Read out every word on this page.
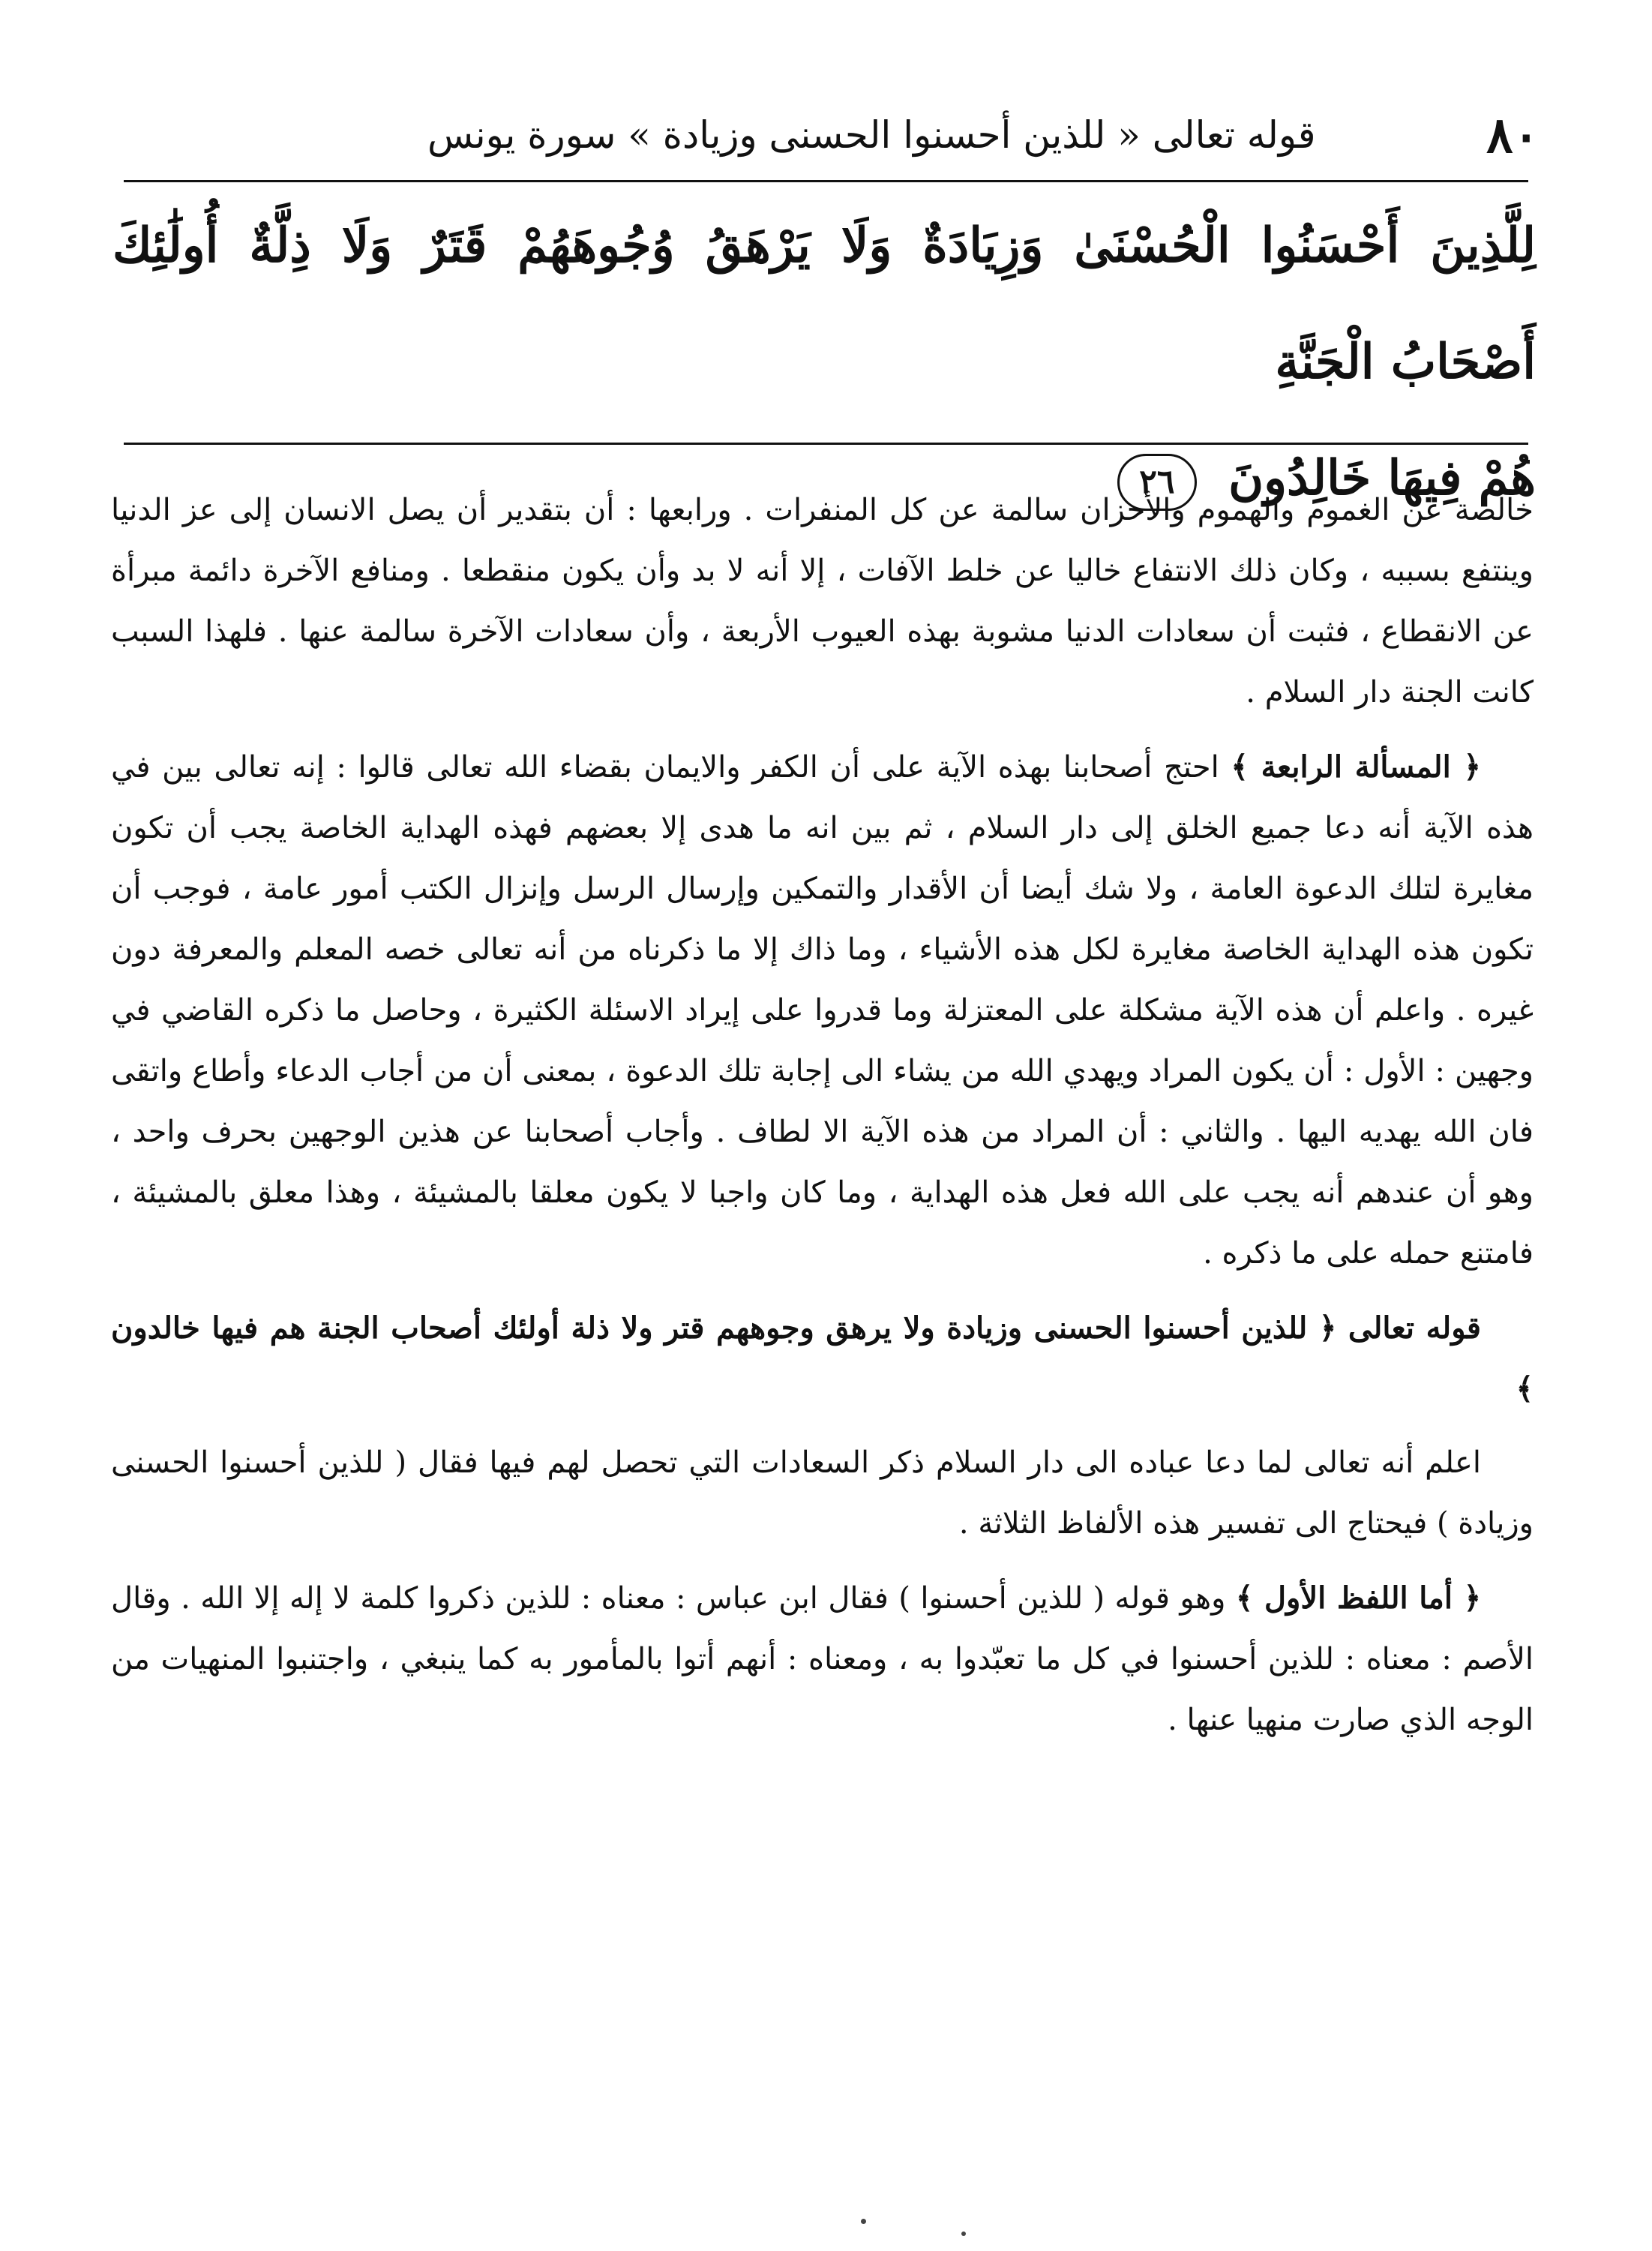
٨٠
قوله تعالى « للذين أحسنوا الحسنى وزيادة » سورة يونس
لِلَّذِينَ أَحْسَنُوا الْحُسْنَىٰ وَزِيَادَةٌ وَلَا يَرْهَقُ وُجُوهَهُمْ قَتَرٌ وَلَا ذِلَّةٌ أُولَٰئِكَ أَصْحَابُ الْجَنَّةِ
هُمْ فِيهَا خَالِدُونَ ٢٦

خالصة عن الغموم والهموم والأحزان سالمة عن كل المنفرات . ورابعها : أن بتقدير أن يصل الانسان إلى عز الدنيا وينتفع بسببه ، وكان ذلك الانتفاع خاليا عن خلط الآفات ، إلا أنه لا بد وأن يكون منقطعا . ومنافع الآخرة دائمة مبرأة عن الانقطاع ، فثبت أن سعادات الدنيا مشوبة بهذه العيوب الأربعة ، وأن سعادات الآخرة سالمة عنها . فلهذا السبب كانت الجنة دار السلام .

﴿ المسألة الرابعة ﴾ احتج أصحابنا بهذه الآية على أن الكفر والايمان بقضاء الله تعالى قالوا : إنه تعالى بين في هذه الآية أنه دعا جميع الخلق إلى دار السلام ، ثم بين انه ما هدى إلا بعضهم فهذه الهداية الخاصة يجب أن تكون مغايرة لتلك الدعوة العامة ، ولا شك أيضا أن الأقدار والتمكين وإرسال الرسل وإنزال الكتب أمور عامة ، فوجب أن تكون هذه الهداية الخاصة مغايرة لكل هذه الأشياء ، وما ذاك إلا ما ذكرناه من أنه تعالى خصه المعلم والمعرفة دون غيره . واعلم أن هذه الآية مشكلة على المعتزلة وما قدروا على إيراد الاسئلة الكثيرة ، وحاصل ما ذكره القاضي في وجهين : الأول : أن يكون المراد ويهدي الله من يشاء الى إجابة تلك الدعوة ، بمعنى أن من أجاب الدعاء وأطاع واتقى فان الله يهديه اليها . والثاني : أن المراد من هذه الآية الا لطاف . وأجاب أصحابنا عن هذين الوجهين بحرف واحد ، وهو أن عندهم أنه يجب على الله فعل هذه الهداية ، وما كان واجبا لا يكون معلقا بالمشيئة ، وهذا معلق بالمشيئة ، فامتنع حمله على ما ذكره .

قوله تعالى ﴿ للذين أحسنوا الحسنى وزيادة ولا يرهق وجوههم قتر ولا ذلة أولئك أصحاب الجنة هم فيها خالدون ﴾

اعلم أنه تعالى لما دعا عباده الى دار السلام ذكر السعادات التي تحصل لهم فيها فقال ( للذين أحسنوا الحسنى وزيادة ) فيحتاج الى تفسير هذه الألفاظ الثلاثة .

﴿ أما اللفظ الأول ﴾ وهو قوله ( للذين أحسنوا ) فقال ابن عباس : معناه : للذين ذكروا كلمة لا إله إلا الله . وقال الأصم : معناه : للذين أحسنوا في كل ما تعبّدوا به ، ومعناه : أنهم أتوا بالمأمور به كما ينبغي ، واجتنبوا المنهيات من الوجه الذي صارت منهيا عنها .
